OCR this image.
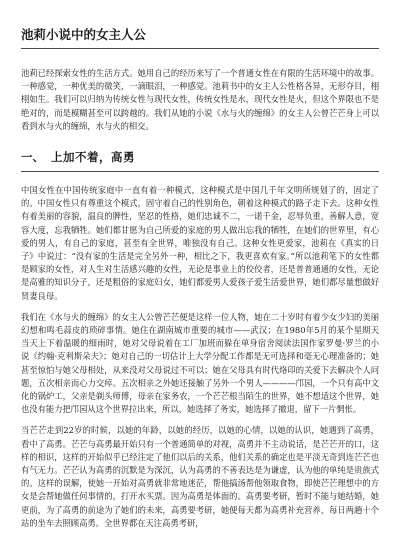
池莉小说中的女主人公

池莉已经探索女性的生活方式。她用自己的经历来写了一个普通女性在有限的生活环境中的故事。一种感觉，一种优美的微笑，一滴眼泪，一种感觉。池莉书中的女主人公性格各异，无形夺目，栩栩如生。我们可以归纳为传统女性与现代女性，传统女性是水，现代女性是火，但这个界限也不是绝对的，而是模糊甚至可以跨越的。我们从她的小说《水与火的缠绵》的女主人公曾芒芒身上可以看到水与火的缠绵，水与火的相交。

一、 上加不着，高勇

中国女性在中国传统家庭中一直有着一种模式，这种模式是中国几千年文明所规划了的，固定了的。中国女性只有尊重这个模式，固守着自己的性别角色，朝着这种模式的路子走下去。这种女性有着美丽的容貌，温良的脾性，坚忍的性格，她们忠诚不二，一诺千金，忍辱负重，善解人意，宽容大度，忘我牺牲。她们都甘愿为自己所爱的家庭的男人做出忘我的牺牲，在她们的世界里，有心爱的男人，有自己的家庭，甚至有全世界，唯独没有自己。这种女性更爱家，池莉在《真实的日子》中说过：“没有家的生活是完全另外一种，相比之下，我更喜欢有家。”所以池莉笔下的女性都是顾家的女性，对人生对生活感兴趣的女性，无论是事业上的佼佼者，还是普普通通的女性，无论是高雅的知识分子，还是粗俗的家庭妇女，她们都爱男人爱孩子爱生活爱世界，她们都尽量想做好贤妻良母。

我们在《水与火的缠绵》的女主人公曾芒芒便是这样一位人物，她在二十岁时有着少女少妇的美丽幻想和鸣毛蒜皮的琐碎事情。她住在湖南城市重要的城市——武汉；在1980年5月的某个星期天当天上下着温暖的细雨时，她对父母说着在工厂加班而躲在单身宿舍阅读法国作家罗曼·罗兰的小说《约翰·克利斯朵夫》；她对自己的一切估计上大学分配工作都是无可选择和毫无心理准备的；她甚至惊怕与她父母相处，从来没对父母说过不可以；她在父母具有时代烙印的关爱下去解决个人问题，五次相亲而心力交瘁。五次相亲之外她还接触了另外一个男人————邝园，一个只有高中文化的锅炉工，父亲是剃头师傅，母亲在家务农，一个芒芒根当陌生的世界，她不想适这个世界，她也没有能力把邝园从这个世界拉出来，所以，她选择了务实，她选择了撤退，留下一片惘怅。

当芒芒走到22岁的时候，以她的年龄，以她的经历，以她的心情，以她的认识，她遇到了高勇，看中了高勇。芒芒与高勇最开始只有一个普通简单的对视，高勇并不主动说话，是芒芒开的口，这样的相识，这样的开始似乎已经注定了他们以后的关系，他们关系的确定也是平淡无奇到连芒芒也有气无力。芒芒认为高勇的沉默是为深沉，认为高勇的不善表达是为谦虚，认为他的单纯是贵族式的。这样的误解，使她一开始对高勇就非常地迷茫，帮他搞汤帮他领取食物，即使芒芒理想中的方女是会帮她做任何事情的，打开水买票。因为高勇是体面的。高勇要考研，暂时不能与她结婚，她更前，为了高勇的前途为了她们的未来，高勇要考研，她便每天都为高勇补充营养，每日两趟十个站的坐车去照顾高勇。全世界都在天注高勇考研，
